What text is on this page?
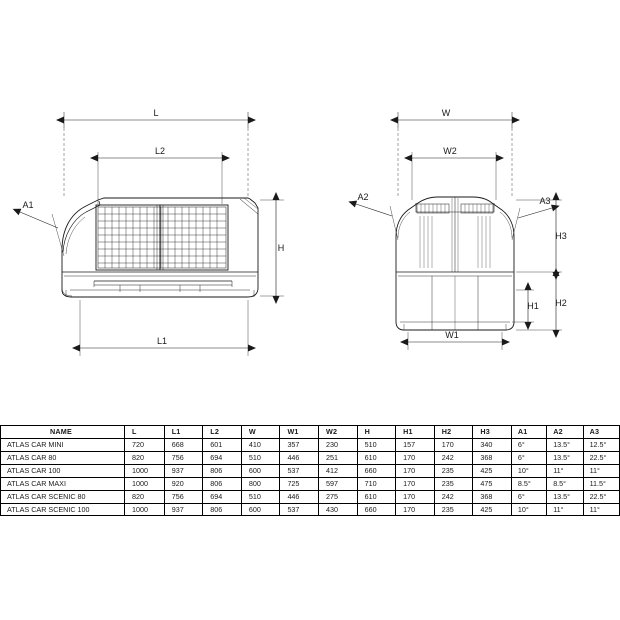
L
L2
L1
H
A1
W
W2
W1
H3
H2
H1
A2	A3
NAME	L	L1	L2	W	W1	W2	H	H1	H2	H3	A1	A2	A3
ATLAS CAR MINI	720	668	601	410	357	230	510	157	170	340	6°	13.5°	12.5°
ATLAS CAR 80	820	756	694	510	446	251	610	170	242	368	6°	13.5°	22.5°
ATLAS CAR 100	1000	937	806	600	537	412	660	170	235	425	10°	11°	11°
ATLAS CAR MAXI	1000	920	806	800	725	597	710	170	235	475	8.5°	8.5°	11.5°
ATLAS CAR SCENIC 80	820	756	694	510	446	275	610	170	242	368	6°	13.5°	22.5°
ATLAS CAR SCENIC 100	1000	937	806	600	537	430	660	170	235	425	10°	11°	11°
